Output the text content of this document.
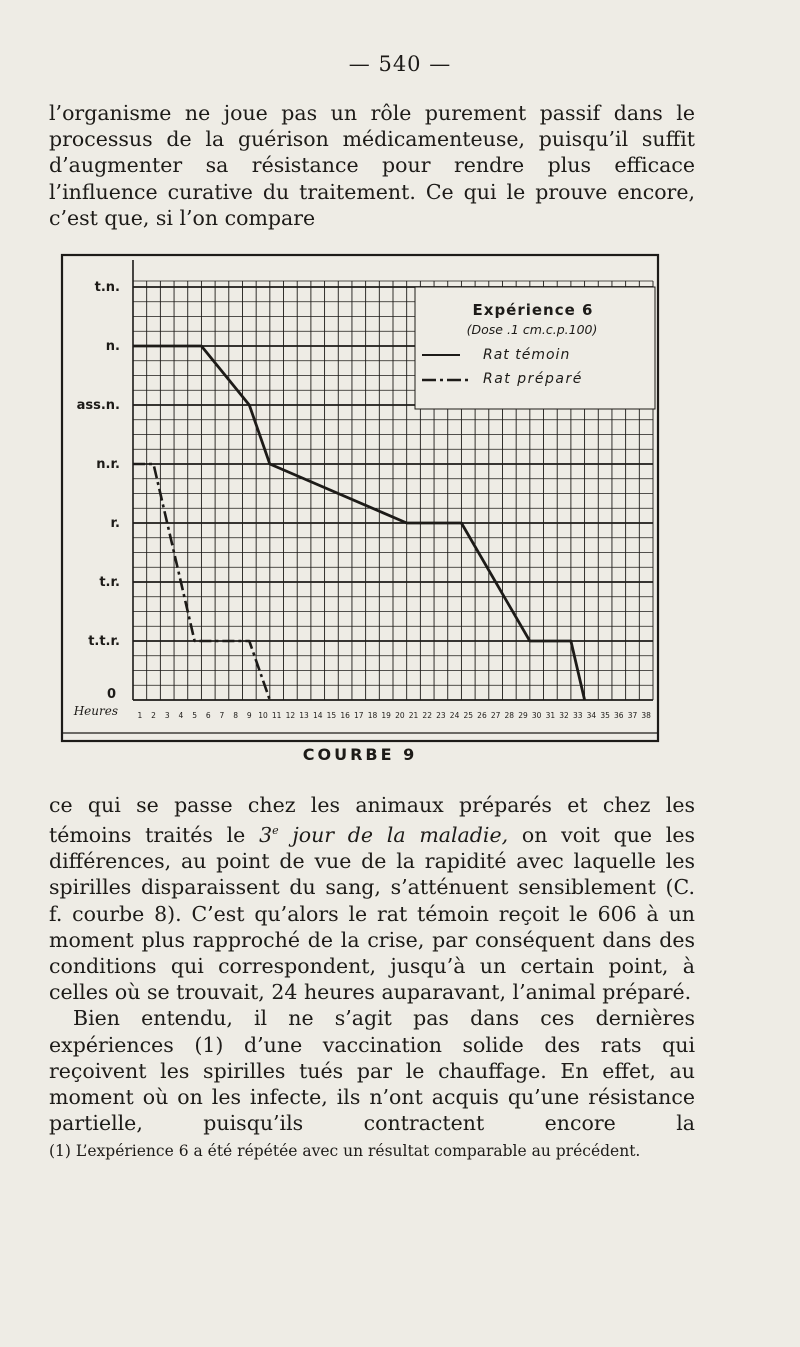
— 540 —

l’organisme ne joue pas un rôle purement passif dans le processus de la guérison médicamenteuse, puisqu’il suffit d’augmenter sa résistance pour rendre plus efficace l’influence curative du traitement. Ce qui le prouve encore, c’est que, si l’on compare

t.t.r.
t.r.
r.
n.r.
ass.n.
n.
t.n.
1 2 3 4 5 6 7 8 9 10 11 12 13 14 15 16 17 18 19 20 21 22 23 24 25 26 27 28 29 30 31 32 33 34 35 36 37 38
Expérience 6
(Dose .1 cm.c.p.100)
Rat témoin
Rat préparé
0
Heures
COURBE 9

ce qui se passe chez les animaux préparés et chez les témoins traités le 3e jour de la maladie, on voit que les différences, au point de vue de la rapidité avec laquelle les spirilles disparaissent du sang, s’atténuent sensiblement (C. f. courbe 8). C’est qu’alors le rat témoin reçoit le 606 à un moment plus rapproché de la crise, par conséquent dans des conditions qui correspondent, jusqu’à un certain point, à celles où se trouvait, 24 heures auparavant, l’animal préparé.

Bien entendu, il ne s’agit pas dans ces dernières expériences (1) d’une vaccination solide des rats qui reçoivent les spirilles tués par le chauffage. En effet, au moment où on les infecte, ils n’ont acquis qu’une résistance partielle, puisqu’ils contractent encore la

(1) L’expérience 6 a été répétée avec un résultat comparable au précédent.
